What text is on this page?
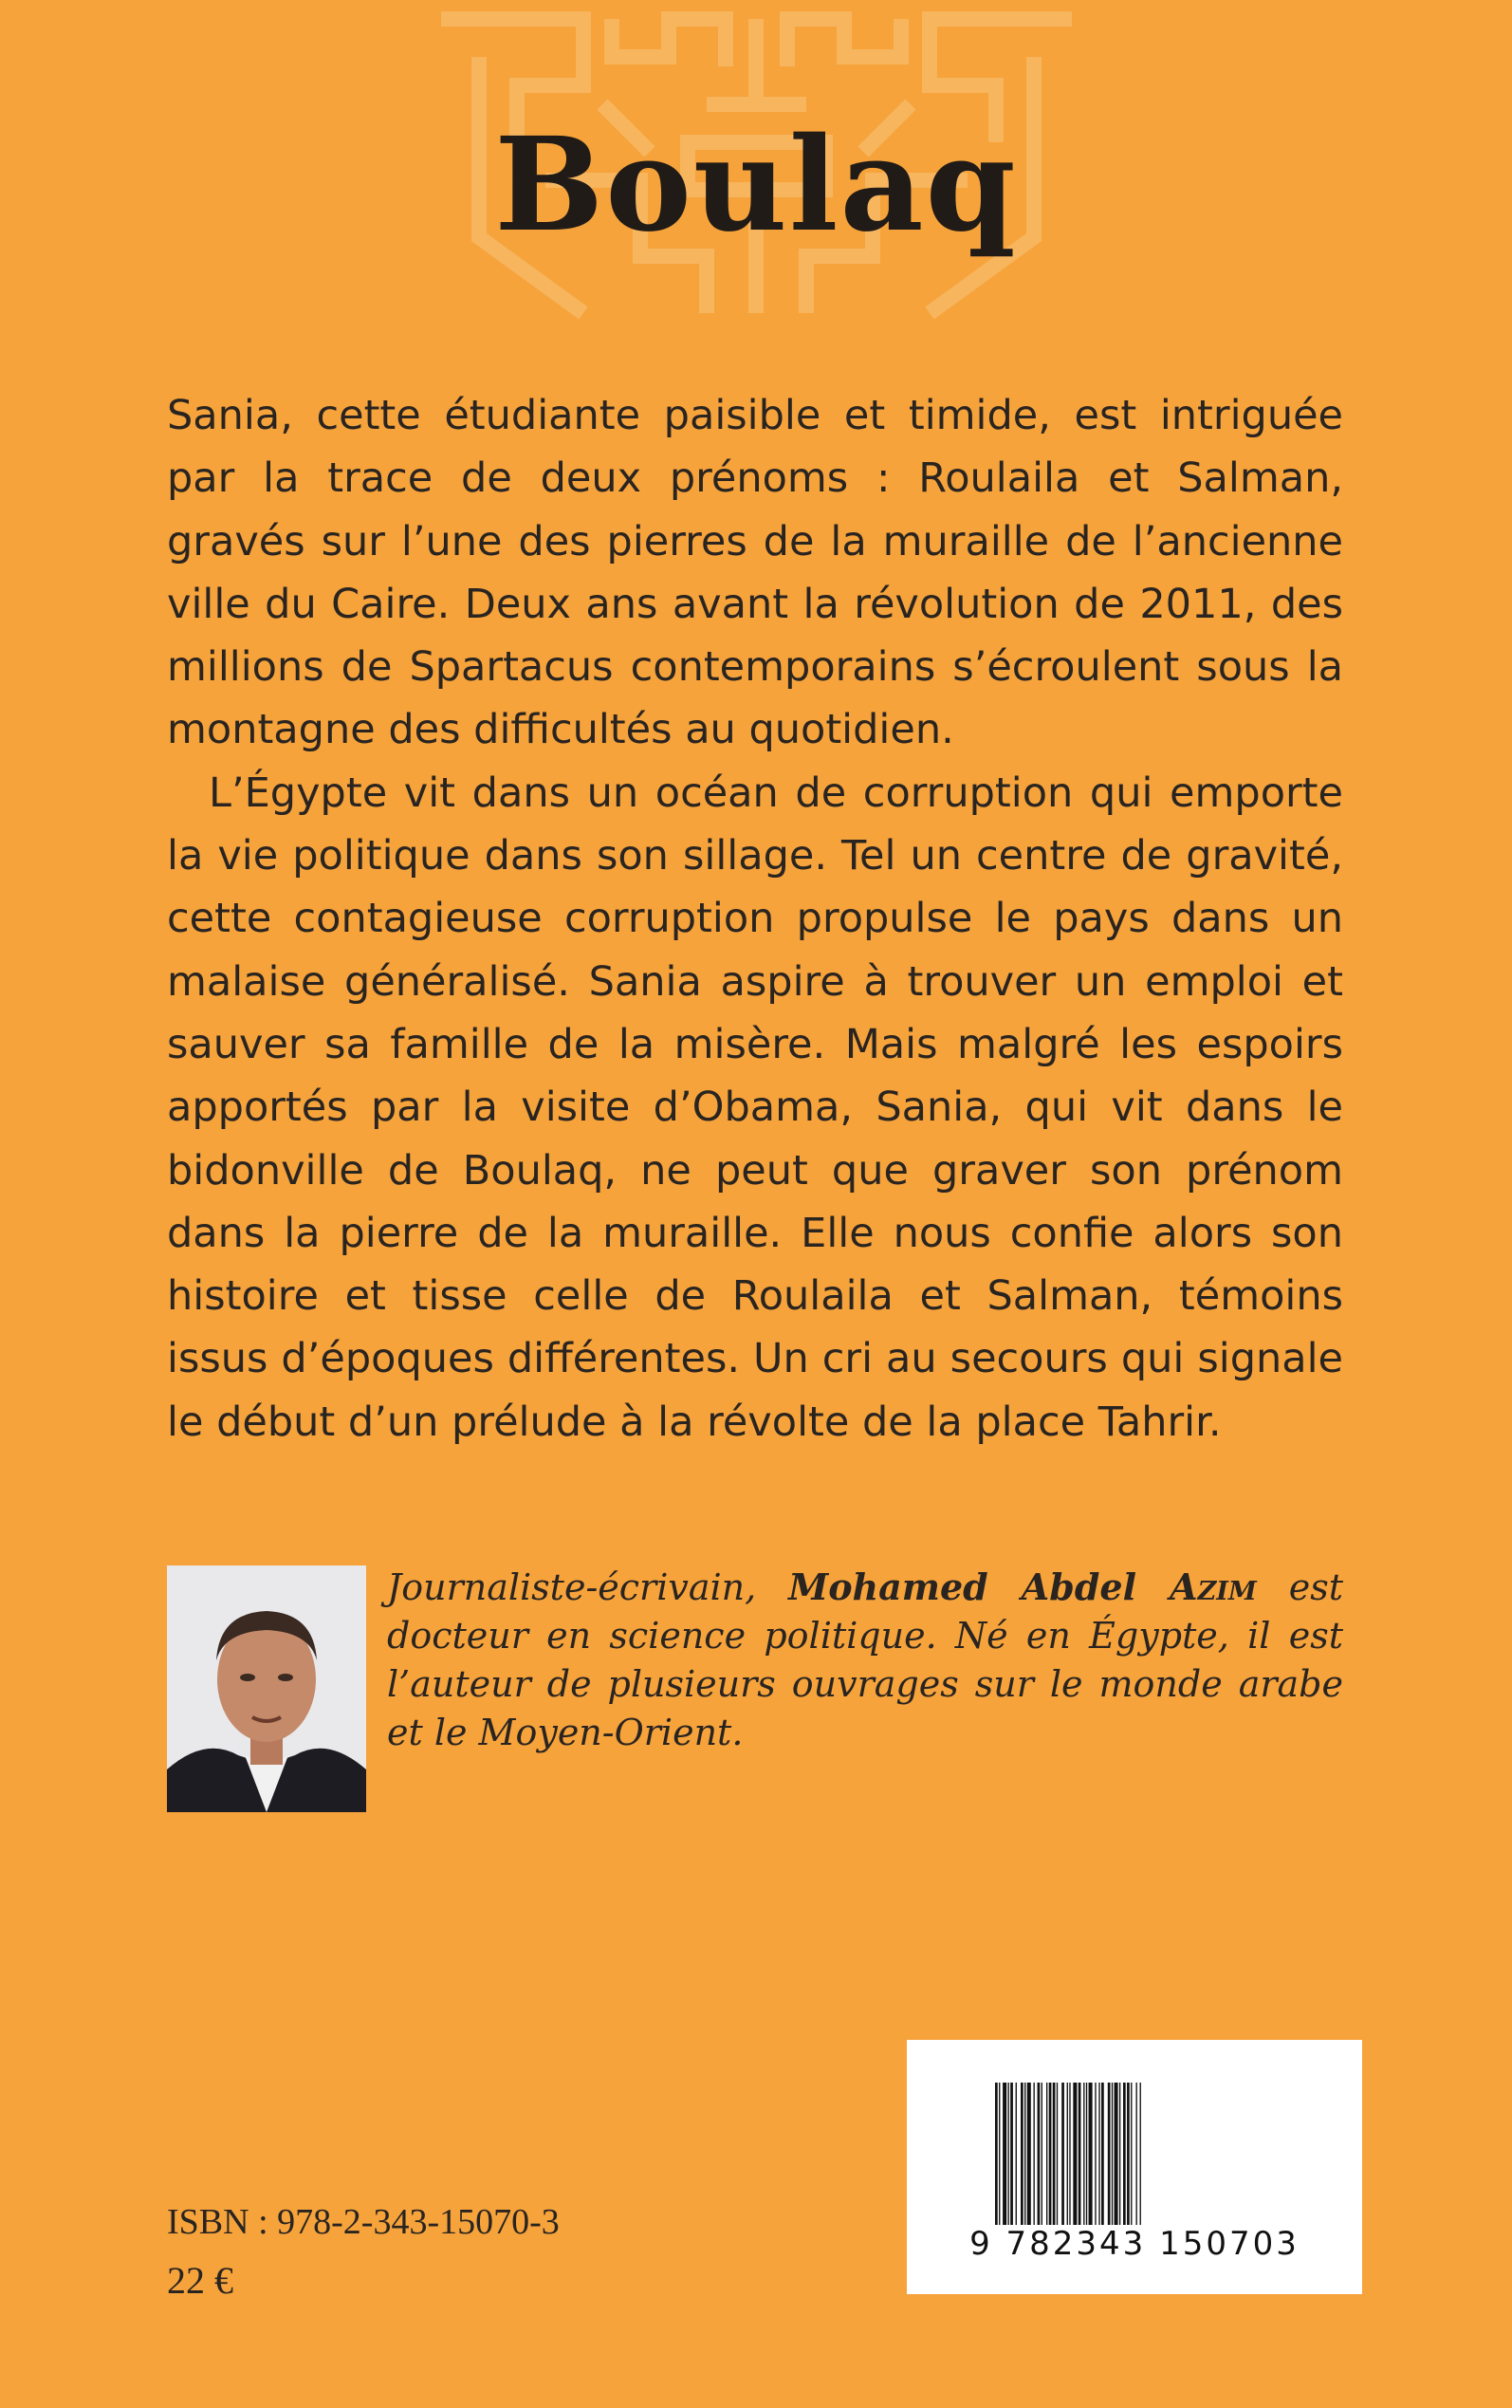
Boulaq

Sania, cette étudiante paisible et timide, est intriguée par la trace de deux prénoms : Roulaila et Salman, gravés sur l’une des pierres de la muraille de l’ancienne ville du Caire. Deux ans avant la révolution de 2011, des millions de Spartacus contemporains s’écroulent sous la montagne des difficultés au quotidien.

L’Égypte vit dans un océan de corruption qui emporte la vie politique dans son sillage. Tel un centre de gravité, cette contagieuse corruption propulse le pays dans un malaise généralisé. Sania aspire à trouver un emploi et sauver sa famille de la misère. Mais malgré les espoirs apportés par la visite d’Obama, Sania, qui vit dans le bidonville de Boulaq, ne peut que graver son prénom dans la pierre de la muraille. Elle nous confie alors son histoire et tisse celle de Roulaila et Salman, témoins issus d’époques différentes. Un cri au secours qui signale le début d’un prélude à la révolte de la place Tahrir.

Journaliste-écrivain, Mohamed Abdel Azim est docteur en science politique. Né en Égypte, il est l’auteur de plusieurs ouvrages sur le monde arabe et le Moyen-Orient.

9 782343 150703
ISBN : 978-2-343-15070-3
22 €
